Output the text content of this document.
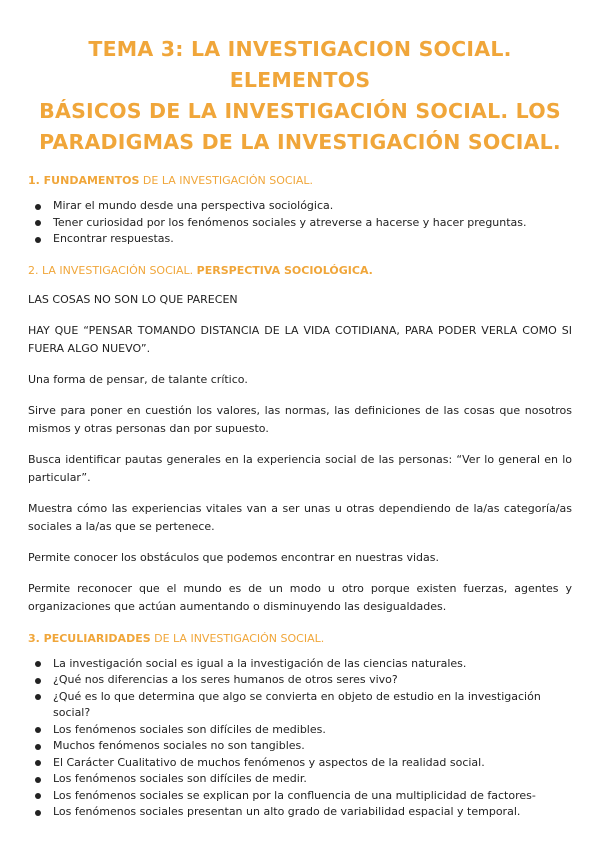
TEMA 3: LA INVESTIGACION SOCIAL. ELEMENTOS
BÁSICOS DE LA INVESTIGACIÓN SOCIAL. LOS
PARADIGMAS DE LA INVESTIGACIÓN SOCIAL.
1. FUNDAMENTOS DE LA INVESTIGACIÓN SOCIAL.
Mirar el mundo desde una perspectiva sociológica.
Tener curiosidad por los fenómenos sociales y atreverse a hacerse y hacer preguntas.
Encontrar respuestas.
2. LA INVESTIGACIÓN SOCIAL. PERSPECTIVA SOCIOLÓGICA.

LAS COSAS NO SON LO QUE PARECEN

HAY QUE “PENSAR TOMANDO DISTANCIA DE LA VIDA COTIDIANA, PARA PODER VERLA COMO SI FUERA ALGO NUEVO”.

Una forma de pensar, de talante crítico.

Sirve para poner en cuestión los valores, las normas, las definiciones de las cosas que nosotros mismos y otras personas dan por supuesto.

Busca identificar pautas generales en la experiencia social de las personas: “Ver lo general en lo particular”.

Muestra cómo las experiencias vitales van a ser unas u otras dependiendo de la/as categoría/as sociales a la/as que se pertenece.

Permite conocer los obstáculos que podemos encontrar en nuestras vidas.

Permite reconocer que el mundo es de un modo u otro porque existen fuerzas, agentes y organizaciones que actúan aumentando o disminuyendo las desigualdades.

3. PECULIARIDADES DE LA INVESTIGACIÓN SOCIAL.
La investigación social es igual a la investigación de las ciencias naturales.
¿Qué nos diferencias a los seres humanos de otros seres vivo?
¿Qué es lo que determina que algo se convierta en objeto de estudio en la investigación social?
Los fenómenos sociales son difíciles de medibles.
Muchos fenómenos sociales no son tangibles.
El Carácter Cualitativo de muchos fenómenos y aspectos de la realidad social.
Los fenómenos sociales son difíciles de medir.
Los fenómenos sociales se explican por la confluencia de una multiplicidad de factores-
Los fenómenos sociales presentan un alto grado de variabilidad espacial y temporal.
